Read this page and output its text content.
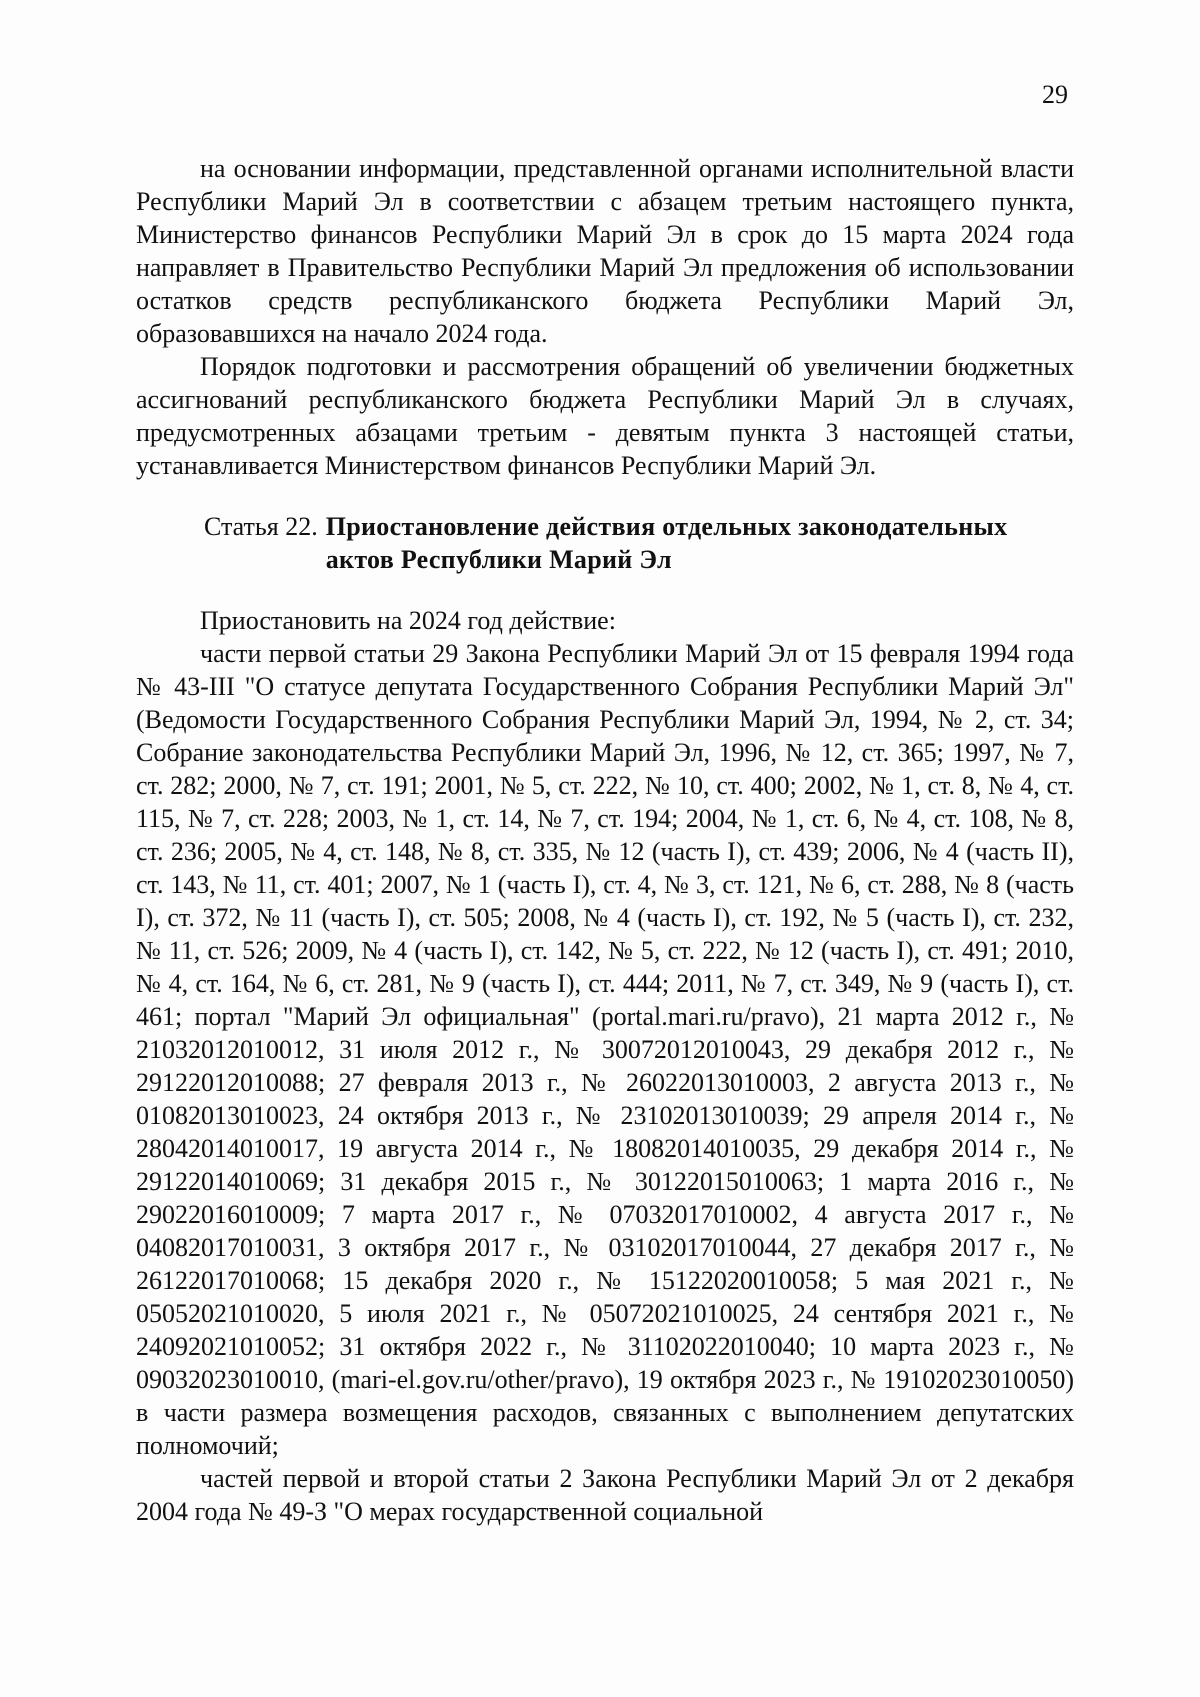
29

на основании информации, представленной органами исполнительной власти Республики Марий Эл в соответствии с абзацем третьим настоящего пункта, Министерство финансов Республики Марий Эл в срок до 15 марта 2024 года направляет в Правительство Республики Марий Эл предложения об использовании остатков средств республиканского бюджета Республики Марий Эл, образовавшихся на начало 2024 года.

Порядок подготовки и рассмотрения обращений об увеличении бюджетных ассигнований республиканского бюджета Республики Марий Эл в случаях, предусмотренных абзацами третьим - девятым пункта 3 настоящей статьи, устанавливается Министерством финансов Республики Марий Эл.

Статья 22. Приостановление действия отдельных законодательных актов Республики Марий Эл

Приостановить на 2024 год действие:

части первой статьи 29 Закона Республики Марий Эл от 15 февраля 1994 года № 43-III "О статусе депутата Государственного Собрания Республики Марий Эл" (Ведомости Государственного Собрания Республики Марий Эл, 1994, № 2, ст. 34; Собрание законодательства Республики Марий Эл, 1996, № 12, ст. 365; 1997, № 7, ст. 282; 2000, № 7, ст. 191; 2001, № 5, ст. 222, № 10, ст. 400; 2002, № 1, ст. 8, № 4, ст. 115, № 7, ст. 228; 2003, № 1, ст. 14, № 7, ст. 194; 2004, № 1, ст. 6, № 4, ст. 108, № 8, ст. 236; 2005, № 4, ст. 148, № 8, ст. 335, № 12 (часть I), ст. 439; 2006, № 4 (часть II), ст. 143, № 11, ст. 401; 2007, № 1 (часть I), ст. 4, № 3, ст. 121, № 6, ст. 288, № 8 (часть I), ст. 372, № 11 (часть I), ст. 505; 2008, № 4 (часть I), ст. 192, № 5 (часть I), ст. 232, № 11, ст. 526; 2009, № 4 (часть I), ст. 142, № 5, ст. 222, № 12 (часть I), ст. 491; 2010, № 4, ст. 164, № 6, ст. 281, № 9 (часть I), ст. 444; 2011, № 7, ст. 349, № 9 (часть I), ст. 461; портал "Марий Эл официальная" (portal.mari.ru/pravo), 21 марта 2012 г., № 21032012010012, 31 июля 2012 г., № 30072012010043, 29 декабря 2012 г., № 29122012010088; 27 февраля 2013 г., № 26022013010003, 2 августа 2013 г., № 01082013010023, 24 октября 2013 г., № 23102013010039; 29 апреля 2014 г., № 28042014010017, 19 августа 2014 г., № 18082014010035, 29 декабря 2014 г., № 29122014010069; 31 декабря 2015 г., № 30122015010063; 1 марта 2016 г., № 29022016010009; 7 марта 2017 г., № 07032017010002, 4 августа 2017 г., № 04082017010031, 3 октября 2017 г., № 03102017010044, 27 декабря 2017 г., № 26122017010068; 15 декабря 2020 г., № 15122020010058; 5 мая 2021 г., № 05052021010020, 5 июля 2021 г., № 05072021010025, 24 сентября 2021 г., № 24092021010052; 31 октября 2022 г., № 31102022010040; 10 марта 2023 г., № 09032023010010, (mari-el.gov.ru/other/pravo), 19 октября 2023 г., № 19102023010050) в части размера возмещения расходов, связанных с выполнением депутатских полномочий;

частей первой и второй статьи 2 Закона Республики Марий Эл от 2 декабря 2004 года № 49-З "О мерах государственной социальной
